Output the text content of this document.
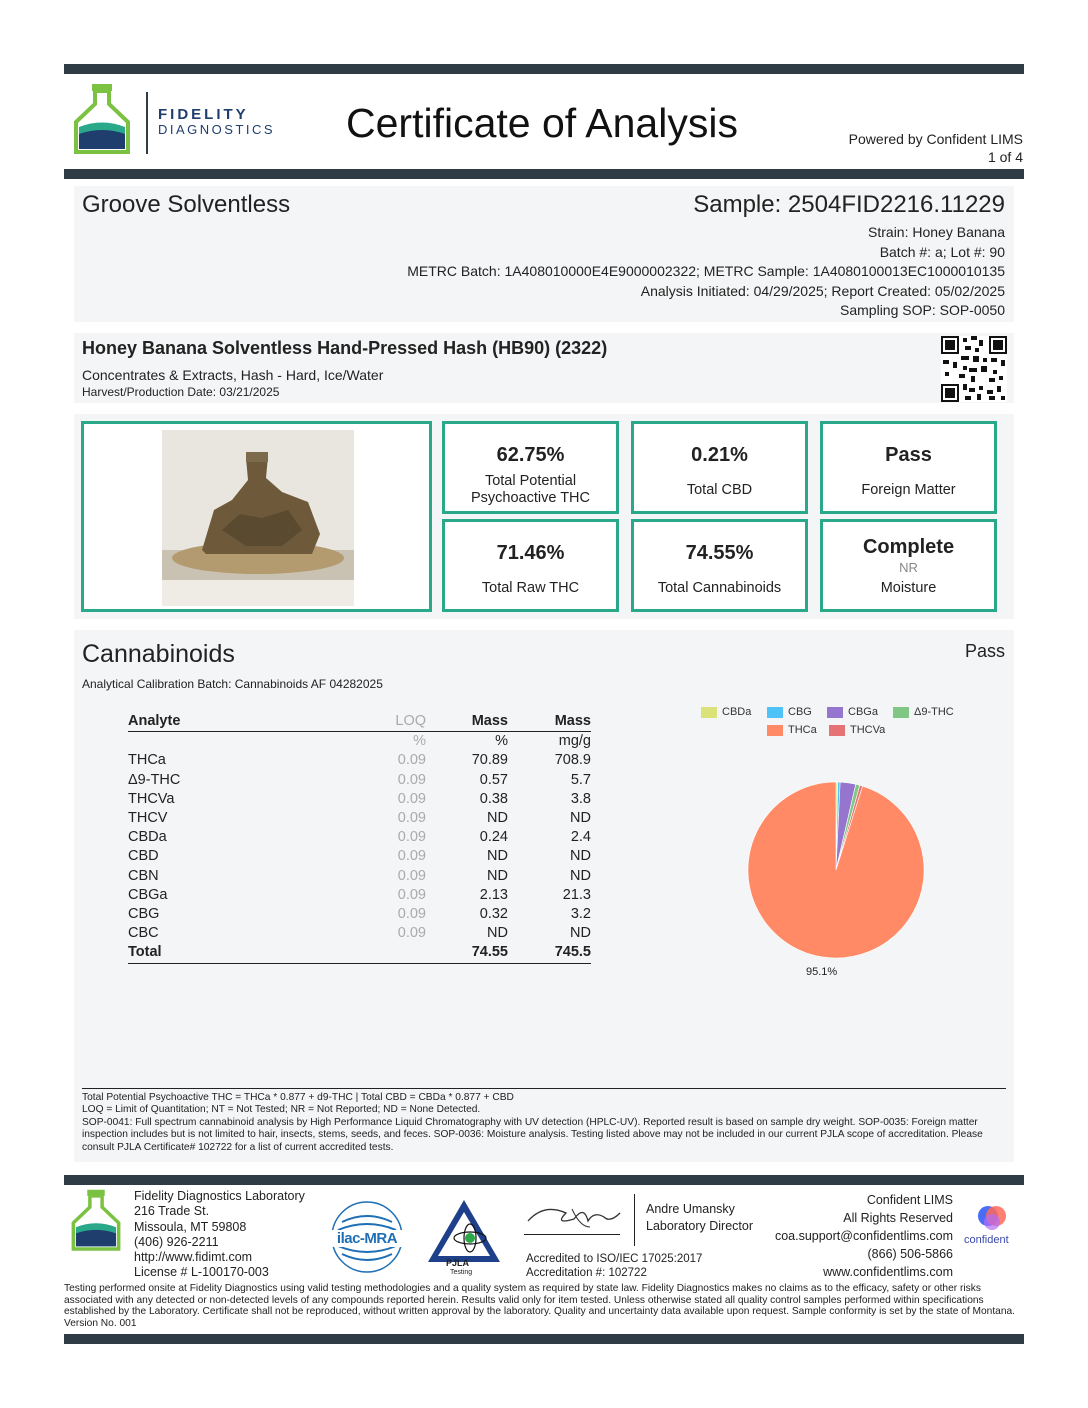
FIDELITY
DIAGNOSTICS Certificate of Analysis	Powered by Confident LIMS
1 of 4
Groove Solventless	Sample: 2504FID2216.11229
Strain: Honey Banana
Batch #: a; Lot #: 90
METRC Batch: 1A408010000E4E9000002322; METRC Sample: 1A4080100013EC1000010135
Analysis Initiated: 04/29/2025; Report Created: 05/02/2025
Sampling SOP: SOP-0050
Honey Banana Solventless Hand-Pressed Hash (HB90) (2322)
Concentrates & Extracts, Hash - Hard, Ice/Water
Harvest/Production Date: 03/21/2025
62.75%
Total Potential Psychoactive THC
0.21%
Total CBD
Pass
Foreign Matter
71.46%
Total Raw THC
74.55%
Total Cannabinoids
Complete
NR
Moisture
Cannabinoids	Pass
Analytical Calibration Batch: Cannabinoids AF 04282025
Analyte	LOQ	Mass	Mass
	%	%	mg/g
THCa	0.09	70.89	708.9
Δ9-THC	0.09	0.57	5.7
THCVa	0.09	0.38	3.8
THCV	0.09	ND	ND
CBDa	0.09	0.24	2.4
CBD	0.09	ND	ND
CBN	0.09	ND	ND
CBGa	0.09	2.13	21.3
CBG	0.09	0.32	3.2
CBC	0.09	ND	ND
Total		74.55	745.5
CBDa	CBG	CBGa	Δ9-THC
THCa	THCVa
95.1%
Total Potential Psychoactive THC = THCa * 0.877 + d9-THC | Total CBD = CBDa * 0.877 + CBD
LOQ = Limit of Quantitation; NT = Not Tested; NR = Not Reported; ND = None Detected.
SOP-0041: Full spectrum cannabinoid analysis by High Performance Liquid Chromatography with UV detection (HPLC-UV). Reported result is based on sample dry weight. SOP-0035: Foreign matter inspection includes but is not limited to hair, insects, stems, seeds, and feces. SOP-0036: Moisture analysis. Testing listed above may not be included in our current PJLA scope of accreditation. Please consult PJLA Certificate# 102722 for a list of current accredited tests.
Fidelity Diagnostics Laboratory
216 Trade St.
Missoula, MT 59808
(406) 926-2211
http://www.fidimt.com
License # L-100170-003
ilac-MRA
PJLA
Testing
Andre Umansky
Laboratory Director
Accredited to ISO/IEC 17025:2017
Accreditation #: 102722
Confident LIMS
All Rights Reserved
coa.support@confidentlims.com
(866) 506-5866
www.confidentlims.com
confident
Testing performed onsite at Fidelity Diagnostics using valid testing methodologies and a quality system as required by state law. Fidelity Diagnostics makes no claims as to the efficacy, safety or other risks associated with any detected or non-detected levels of any compounds reported herein. Results valid only for item tested. Unless otherwise stated all quality control samples performed within specifications established by the Laboratory. Certificate shall not be reproduced, without written approval by the laboratory. Quality and uncertainty data available upon request. Sample conformity is set by the state of Montana. Version No. 001
